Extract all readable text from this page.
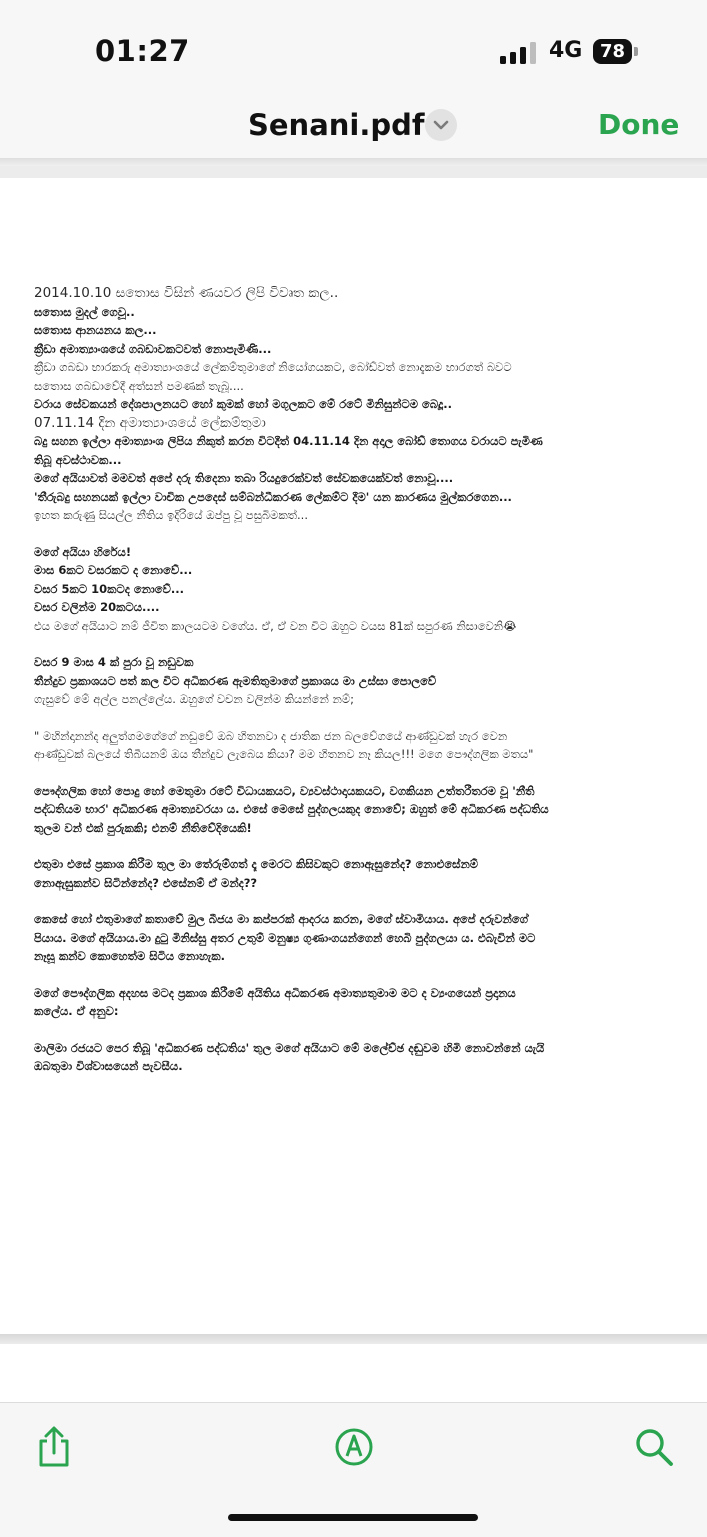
01:27	4G 78
Senani.pdf	Done
2014.10.10 සතොස විසින් ණයවර ලිපි විවෘත කල..
සතොස මුදල් ගෙවූ..
සතොස ආනයනය කල...
ක්‍රීඩා අමාත්‍යාංශයේ ගබඩාවකටවත් නොපැමිණි...
ක්‍රීඩා ගබඩා භාරකරු අමාත්‍යාංශයේ ලේකම්තුමාගේ නියෝගයකට, බෝඩ්වත් නොදැකම භාරගත් බවට
සතොස ගබඩාවේදී අත්සන් පමණක් තැබූ....
වරාය සේවකයන් දේශපාලනයට හෝ කුමක් හෝ මගුලකට මේ රටේ මිනිසුන්ටම බෙදූ..
07.11.14 දින අමාත්‍යාංශයේ ලේකම්තුමා
බදු සහන ඉල්ලා අමාත්‍යාංශ ලිපිය නිකුත් කරන විටදීත් 04.11.14 දින අදාල බෝඩ් තොගය වරායට පැමිණ
තිබූ අවස්ථාවක...
මගේ අයියාවත් මමවත් අපේ දරු තිදෙනා තබා රියදුරෙක්වත් සේවකයෙක්වත් නොවූ....
'තීරුබදු සහනයක් ඉල්ලා වාචික උපදෙස් සම්බන්ධීකරණ ලේකම්ට දීම' යන කාරණය මුල්කරගෙන...
ඉහත කරුණු සියල්ල නීතිය ඉදිරියේ ඔප්පු වූ පසුබිමකත්...
මගේ අයියා හිරේය!
මාස 6කට වසරකට ද නොවේ...
වසර 5කට 10කටද නොවේ...
වසර වලින්ම 20කටය....
එය මගේ අයියාට නම් ජීවිත කාලයටම වගේය. ඒ, ඒ වන විට ඔහුට වයස 81ක් සපුරණ නිසාවෙනි😭
වසර 9 මාස 4 ක් පුරා වූ නඩුවක
තීන්දුව ප්‍රකාශයට පත් කල විට අධිකරණ ඇමතිතුමාගේ ප්‍රකාශය මා උස්සා පොලවේ
ගැසුවේ මේ අල්ල පනල්ලේය. ඔහුගේ වචන වලින්ම කියන්නේ නම්;
" මහින්දානන්ද අලුත්ගමගේගේ නඩුවේ ඔබ හිතනවා ද ජාතික ජන බලවේගයේ ආණ්ඩුවක් හැර වෙන
ආණ්ඩුවක් බලයේ තිබීයනම් ඔය තීන්දුව ලැබෙය කියා? මම හිතනව නෑ කියල!!! මගෙ පෞද්ගලික මතය"
පෞද්ගලික හෝ පොදු හෝ මෙතුමා රටේ විධායකයට, ව්‍යවස්ථාදායකයට, වගකියන උත්තරීතරම වූ 'නීති
පද්ධතියම භාර' අධිකරණ අමාත්‍යවරයා ය. එසේ මෙසේ පුද්ගලයකුද නොවේ; ඔහුත් මේ අධිකරණ පද්ධතිය
තුලම වන් එක් පුරුකකි; එනම් නීතිවේදියෙකි!
එතුමා එසේ ප්‍රකාශ කිරීම තුල මා තේරුම්ගත් දෑ මෙරට කිසිවකුට නොඇසුනේද? නොඑසේනම්
නොඇසුකන්ව සිටින්නේද? එසේනම් ඒ මන්ද??
කෙසේ හෝ එතුමාගේ කතාවේ මුල බීජය මා කප්පරක් ආදරය කරන, මගේ ස්වාමියාය. අපේ දරුවන්ගේ
පියාය. මගේ අයියාය.මා දුටු මිනිස්සු අතර උතුම් මනුෂ්‍ය ගුණාංගයන්ගෙන් හෙබි පුද්ගලයා ය. එබැවින් මට
නෑසූ කන්ව කොහෙත්ම සිටිය නොහැක.
මගේ පෞද්ගලික අදහස මටද ප්‍රකාශ කිරීමේ අයිතිය අධිකරණ අමාත්‍යතුමාම මට ද ව්‍යංගයෙන් ප්‍රදානය
කලේය. ඒ අනුව:
මාලිමා රජයට පෙර තිබූ 'අධිකරණ පද්ධතිය' තුල මගේ අයියාට මේ මලේච්ඡ දඬුවම හිමි නොවන්නේ යැයි
ඔබතුමා විශ්වාසයෙන් පැවසීය.
